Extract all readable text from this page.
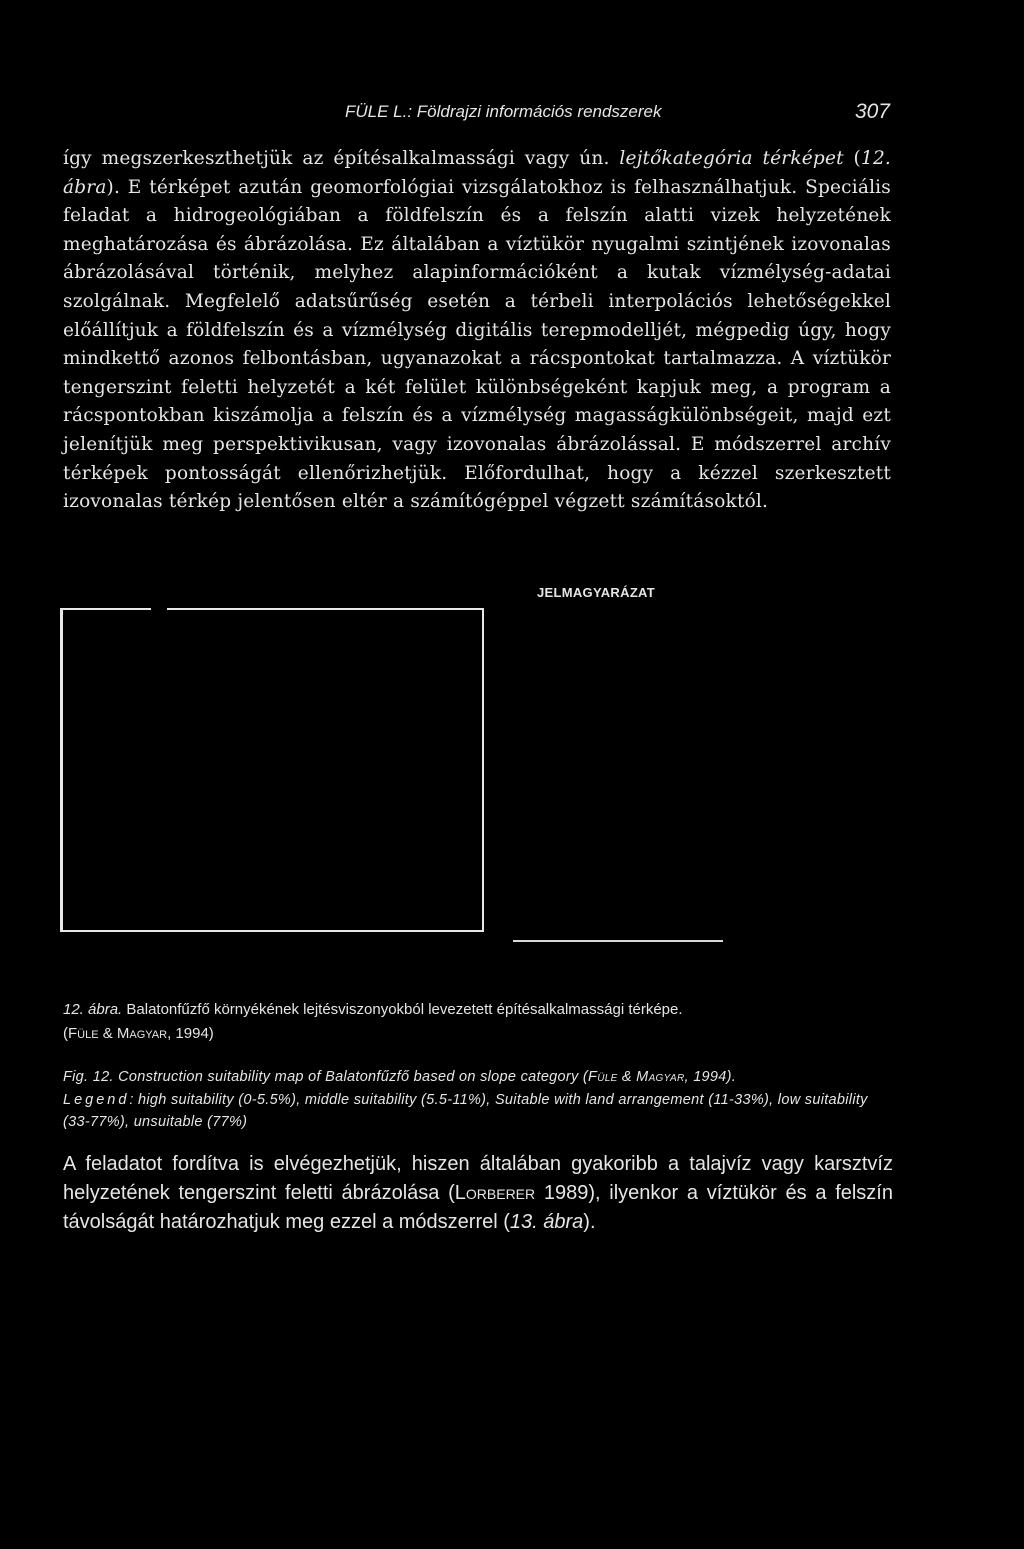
FÜLE L.: Földrajzi információs rendszerek	307

így megszerkeszthetjük az építésalkalmassági vagy ún. lejtőkategória térképet (12. ábra). E térképet azután geomorfológiai vizsgálatokhoz is felhasználhatjuk. Speciális feladat a hidrogeológiában a földfelszín és a felszín alatti vizek helyzetének meghatározása és ábrázolása. Ez általában a víztükör nyugalmi szintjének izovonalas ábrázolásával történik, melyhez alapinformációként a kutak vízmélység-adatai szolgálnak. Megfelelő adatsűrűség esetén a térbeli interpolációs lehetőségekkel előállítjuk a földfelszín és a vízmélység digitális terepmodelljét, mégpedig úgy, hogy mindkettő azonos felbontásban, ugyanazokat a rácspontokat tartalmazza. A víztükör tengerszint feletti helyzetét a két felület különbségeként kapjuk meg, a program a rácspontokban kiszámolja a felszín és a vízmélység magasságkülönbségeit, majd ezt jelenítjük meg perspektivikusan, vagy izovonalas ábrázolással. E módszerrel archív térképek pontosságát ellenőrizhetjük. Előfordulhat, hogy a kézzel szerkesztett izovonalas térkép jelentősen eltér a számítógéppel végzett számításoktól.

JELMAGYARÁZAT

12. ábra. Balatonfűzfő környékének lejtésviszonyokból levezetett építésalkalmassági térképe.

(Füle & Magyar, 1994)

Fig. 12. Construction suitability map of Balatonfűzfő based on slope category (Füle & Magyar, 1994).
Legend: high suitability (0-5.5%), middle suitability (5.5-11%), Suitable with land arrangement (11-33%), low suitability (33-77%), unsuitable (77%)

A feladatot fordítva is elvégezhetjük, hiszen általában gyakoribb a talajvíz vagy karsztvíz helyzetének tengerszint feletti ábrázolása (Lorberer 1989), ilyenkor a víztükör és a felszín távolságát határozhatjuk meg ezzel a módszerrel (13. ábra).
